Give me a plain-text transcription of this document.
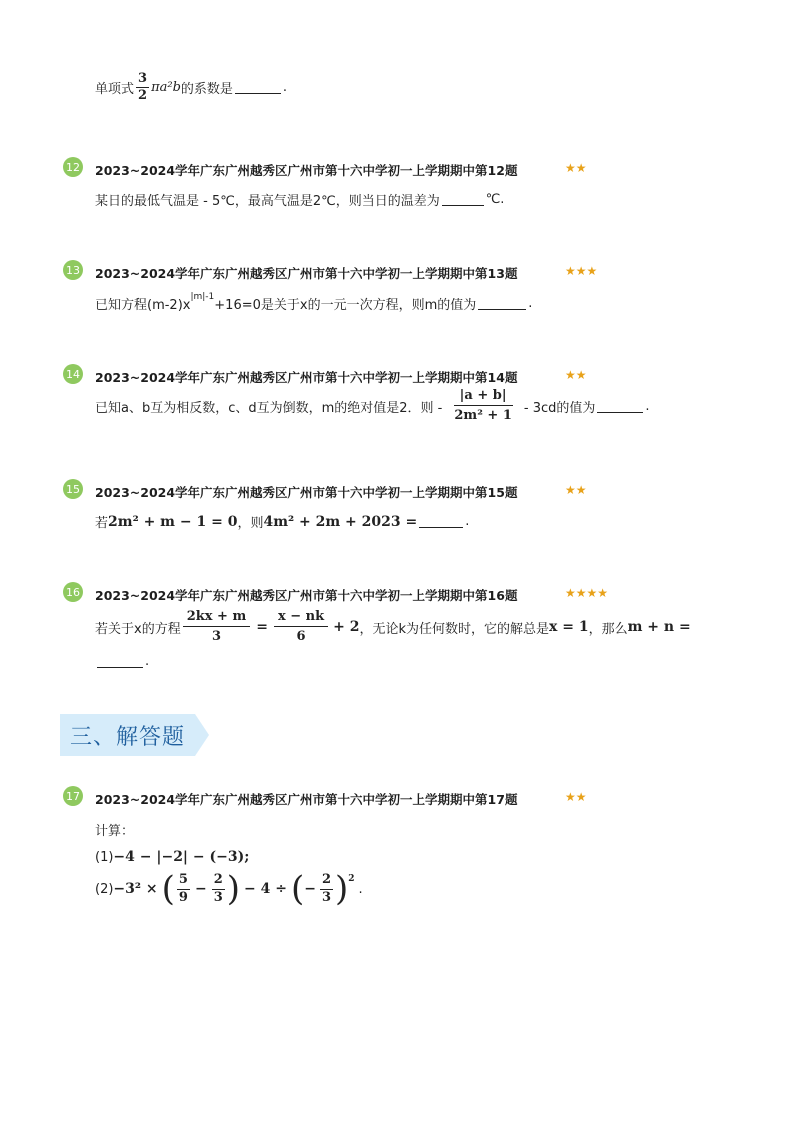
单项式 $\frac{3}{2} \pi a^2b$ 的系数是	.
12 2023~2024学年广东广州越秀区广州市第十六中学初一上学期期中第12题	★★
某日的最低气温是 - 5℃，最高气温是2℃，则当日的温差为	℃.
13 2023~2024学年广东广州越秀区广州市第十六中学初一上学期期中第13题	★★★
已知方程(m-2)x
$^{|m|-1}$
+16=0是关于x的一元一次方程，则m的值为	.
14 2023~2024学年广东广州越秀区广州市第十六中学初一上学期期中第14题	★★
已知a、b互为相反数，c、d互为倒数，m的绝对值是2．则 - $\frac{|a + b|}{\text{2m² + 1}} - 3cd$的值为	.
15 2023~2024学年广东广州越秀区广州市第十六中学初一上学期期中第15题	★★
若 2m² + m − 1 = 0 ，则 4m² + 2m + 2023 =	.
16 2023~2024学年广东广州越秀区广州市第十六中学初一上学期期中第16题	★★★★
若关于x的方程 $\frac{2kx + m}{3} = \frac{x - nk}{6} + 2$ ，无论k为任何数时，它的解总是 x = 1 ，那么 m + n =
.
三、解答题
17 2023~2024学年广东广州越秀区广州市第十六中学初一上学期期中第17题	★★
计算：
(1) −4 − |−2| − (−3);
(2) −3² × ( $\frac{5}{9} - \frac{2}{3}$ ) − 4 ÷ ( − $\frac{2}{3} )^2$
.
